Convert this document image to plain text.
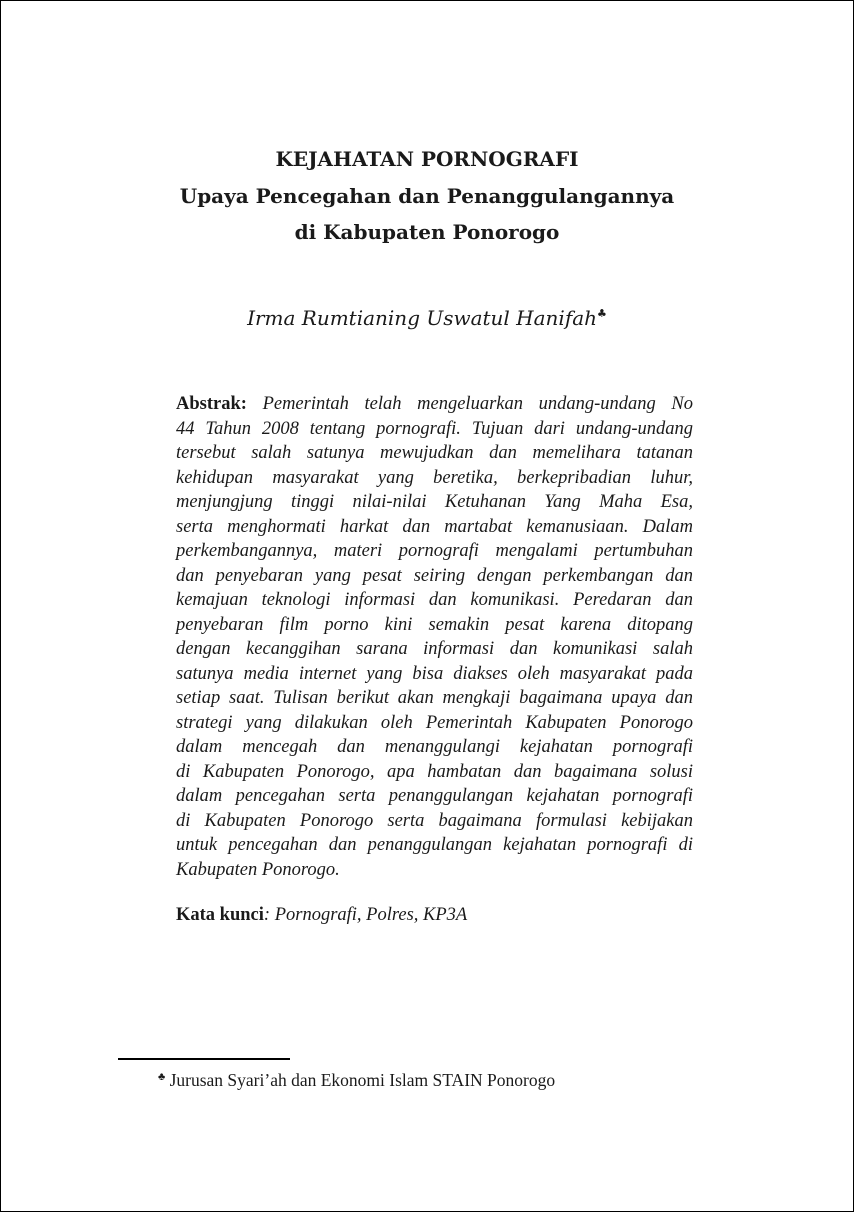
KEJAHATAN PORNOGRAFI
Upaya Pencegahan dan Penanggulangannya
di Kabupaten Ponorogo
Irma Rumtianing Uswatul Hanifah♣
Abstrak: Pemerintah telah mengeluarkan undang-undang No
44 Tahun 2008 tentang pornografi. Tujuan dari undang-undang
tersebut salah satunya mewujudkan dan memelihara tatanan
kehidupan masyarakat yang beretika, berkepribadian luhur,
menjungjung tinggi nilai-nilai Ketuhanan Yang Maha Esa,
serta menghormati harkat dan martabat kemanusiaan. Dalam
perkembangannya, materi pornografi mengalami pertumbuhan
dan penyebaran yang pesat seiring dengan perkembangan dan
kemajuan teknologi informasi dan komunikasi. Peredaran dan
penyebaran film porno kini semakin pesat karena ditopang
dengan kecanggihan sarana informasi dan komunikasi salah
satunya media internet yang bisa diakses oleh masyarakat pada
setiap saat. Tulisan berikut akan mengkaji bagaimana upaya dan
strategi yang dilakukan oleh Pemerintah Kabupaten Ponorogo
dalam mencegah dan menanggulangi kejahatan pornografi
di Kabupaten Ponorogo, apa hambatan dan bagaimana solusi
dalam pencegahan serta penanggulangan kejahatan pornografi
di Kabupaten Ponorogo serta bagaimana formulasi kebijakan
untuk pencegahan dan penanggulangan kejahatan pornografi di
Kabupaten Ponorogo.
Kata kunci: Pornografi, Polres, KP3A
♣ Jurusan Syari’ah dan Ekonomi Islam STAIN Ponorogo
